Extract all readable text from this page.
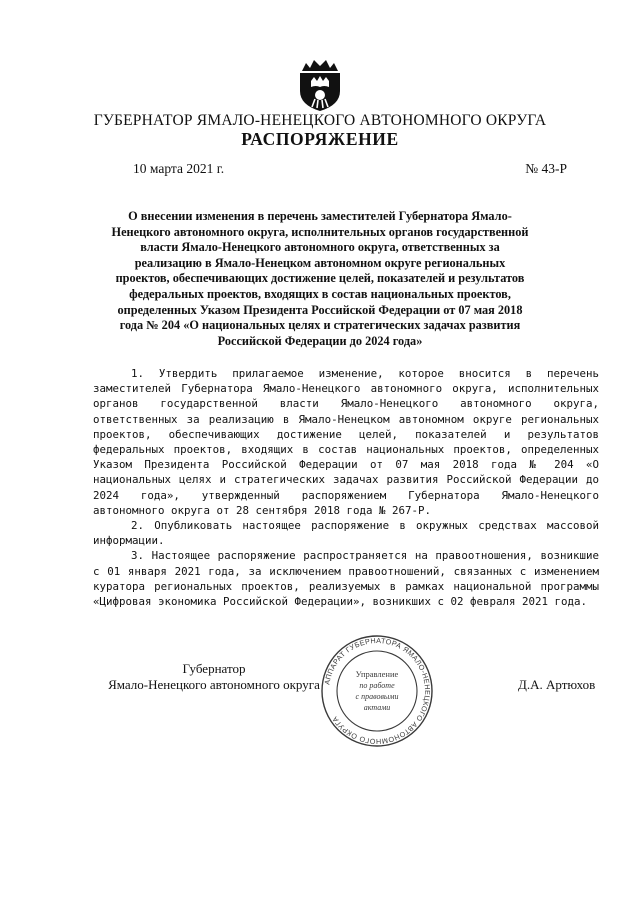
ГУБЕРНАТОР ЯМАЛО-НЕНЕЦКОГО АВТОНОМНОГО ОКРУГА
РАСПОРЯЖЕНИЕ
10 марта 2021 г.	№ 43-Р
О внесении изменения в перечень заместителей Губернатора Ямало-Ненецкого автономного округа, исполнительных органов государственной власти Ямало-Ненецкого автономного округа, ответственных за реализацию в Ямало-Ненецком автономном округе региональных проектов, обеспечивающих достижение целей, показателей и результатов федеральных проектов, входящих в состав национальных проектов, определенных Указом Президента Российской Федерации от 07 мая 2018 года № 204 «О национальных целях и стратегических задачах развития Российской Федерации до 2024 года»

1. Утвердить прилагаемое изменение, которое вносится в перечень заместителей Губернатора Ямало-Ненецкого автономного округа, исполнительных органов государственной власти Ямало-Ненецкого автономного округа, ответственных за реализацию в Ямало-Ненецком автономном округе региональных проектов, обеспечивающих достижение целей, показателей и результатов федеральных проектов, входящих в состав национальных проектов, определенных Указом Президента Российской Федерации от 07 мая 2018 года № 204 «О национальных целях и стратегических задачах развития Российской Федерации до 2024 года», утвержденный распоряжением Губернатора Ямало-Ненецкого автономного округа от 28 сентября 2018 года № 267-Р.

2. Опубликовать настоящее распоряжение в окружных средствах массовой информации.

3. Настоящее распоряжение распространяется на правоотношения, возникшие с 01 января 2021 года, за исключением правоотношений, связанных с изменением куратора региональных проектов, реализуемых в рамках национальной программы «Цифровая экономика Российской Федерации», возникших с 02 февраля 2021 года.

Губернатор
Ямало-Ненецкого автономного округа	Д.А. Артюхов
АППАРАТ ГУБЕРНАТОРА ЯМАЛО-НЕНЕЦКОГО АВТОНОМНОГО ОКРУГА
Управление
по работе
с правовыми
актами
